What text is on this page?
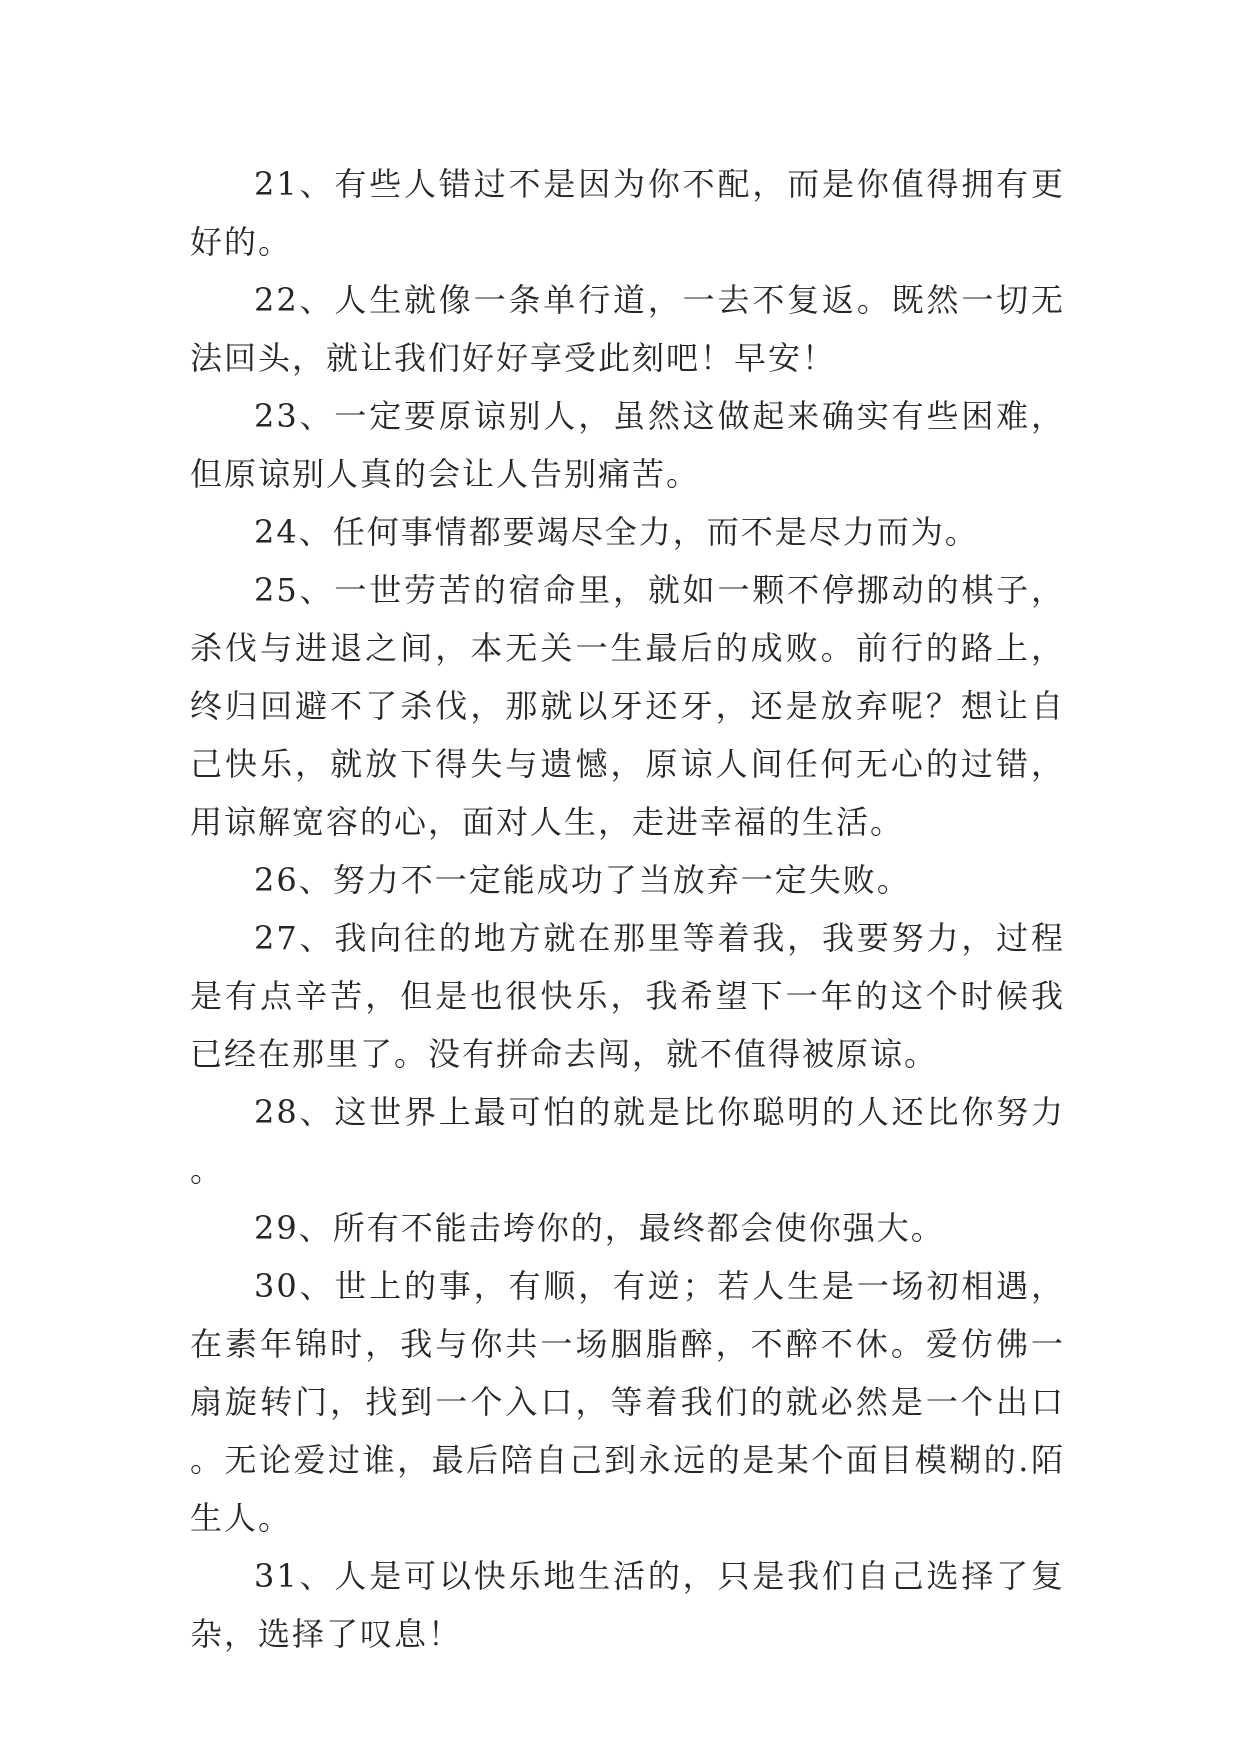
21、有些人错过不是因为你不配，而是你值得拥有更好的。

22、人生就像一条单行道，一去不复返。既然一切无法回头，就让我们好好享受此刻吧！早安！

23、一定要原谅别人，虽然这做起来确实有些困难，但原谅别人真的会让人告别痛苦。

24、任何事情都要竭尽全力，而不是尽力而为。

25、一世劳苦的宿命里，就如一颗不停挪动的棋子，杀伐与进退之间，本无关一生最后的成败。前行的路上，终归回避不了杀伐，那就以牙还牙，还是放弃呢？想让自己快乐，就放下得失与遗憾，原谅人间任何无心的过错，用谅解宽容的心，面对人生，走进幸福的生活。

26、努力不一定能成功了当放弃一定失败。

27、我向往的地方就在那里等着我，我要努力，过程是有点辛苦，但是也很快乐，我希望下一年的这个时候我已经在那里了。没有拼命去闯，就不值得被原谅。

28、这世界上最可怕的就是比你聪明的人还比你努力。

29、所有不能击垮你的，最终都会使你强大。

30、世上的事，有顺，有逆；若人生是一场初相遇，在素年锦时，我与你共一场胭脂醉，不醉不休。爱仿佛一扇旋转门，找到一个入口，等着我们的就必然是一个出口。无论爱过谁，最后陪自己到永远的是某个面目模糊的.陌生人。

31、人是可以快乐地生活的，只是我们自己选择了复杂，选择了叹息！
